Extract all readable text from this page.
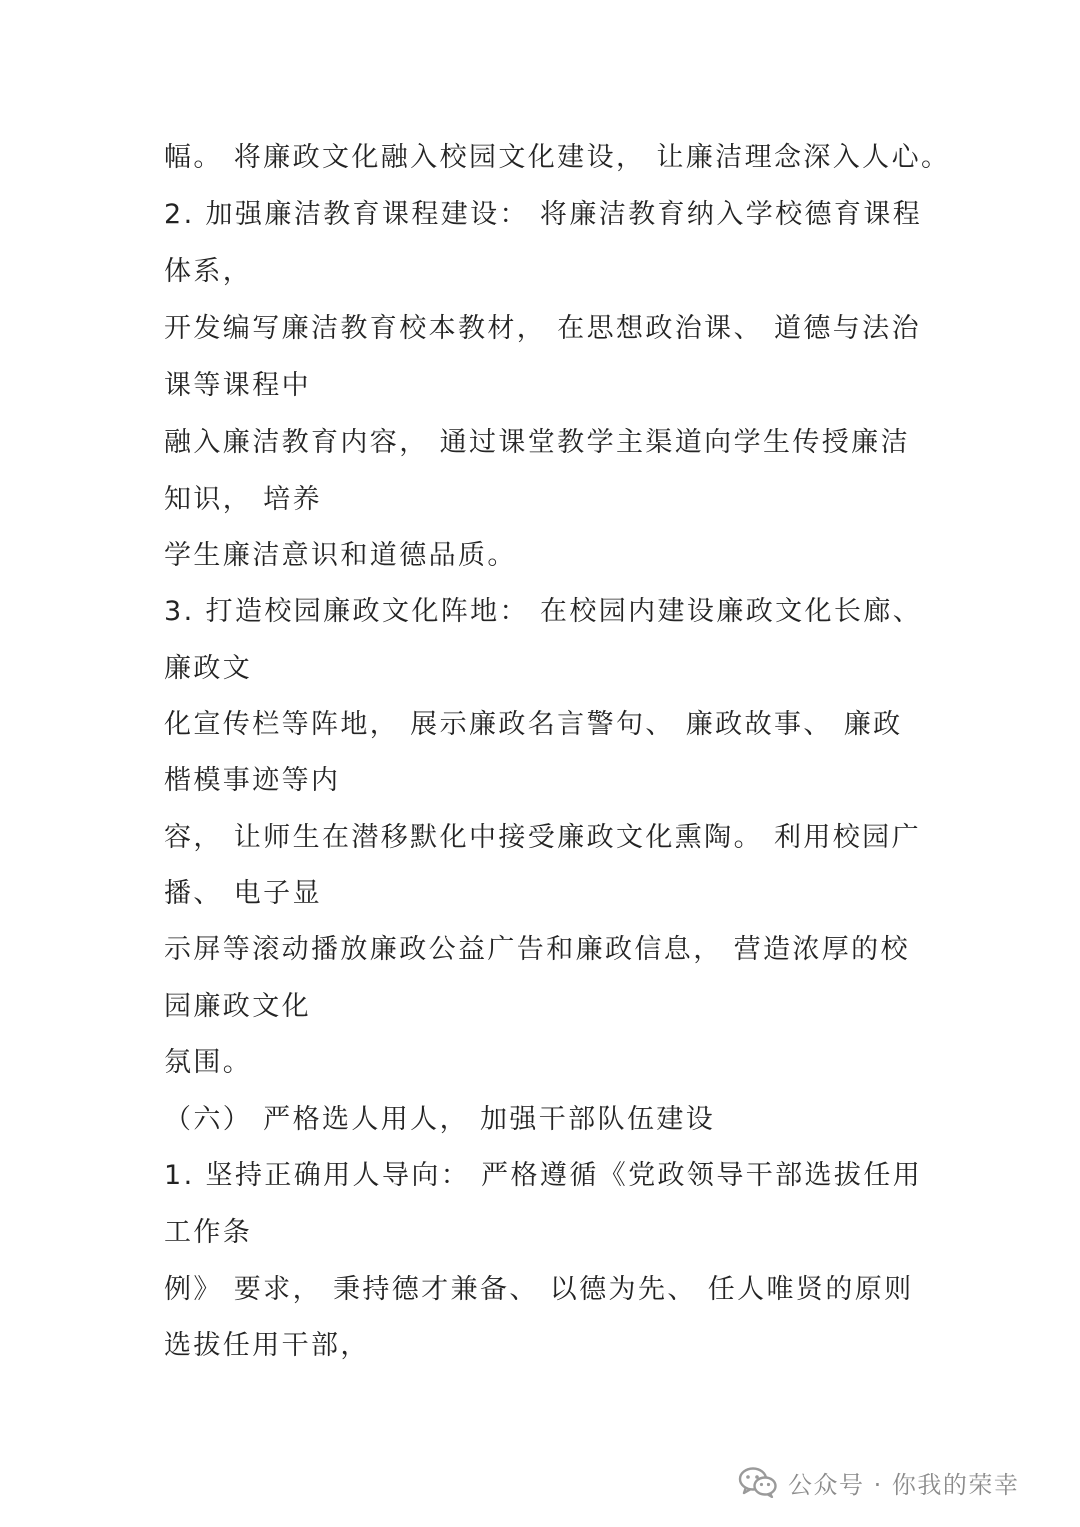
幅。 将廉政文化融入校园文化建设， 让廉洁理念深入人心。
2. 加强廉洁教育课程建设： 将廉洁教育纳入学校德育课程
体系，
开发编写廉洁教育校本教材， 在思想政治课、 道德与法治
课等课程中
融入廉洁教育内容， 通过课堂教学主渠道向学生传授廉洁
知识， 培养
学生廉洁意识和道德品质。
3. 打造校园廉政文化阵地： 在校园内建设廉政文化长廊、
廉政文
化宣传栏等阵地， 展示廉政名言警句、 廉政故事、 廉政
楷模事迹等内
容， 让师生在潜移默化中接受廉政文化熏陶。 利用校园广
播、 电子显
示屏等滚动播放廉政公益广告和廉政信息， 营造浓厚的校
园廉政文化
氛围。
（六） 严格选人用人， 加强干部队伍建设
1. 坚持正确用人导向： 严格遵循《党政领导干部选拔任用
工作条
例》 要求， 秉持德才兼备、 以德为先、 任人唯贤的原则
选拔任用干部，
公众号 · 你我的荣幸
